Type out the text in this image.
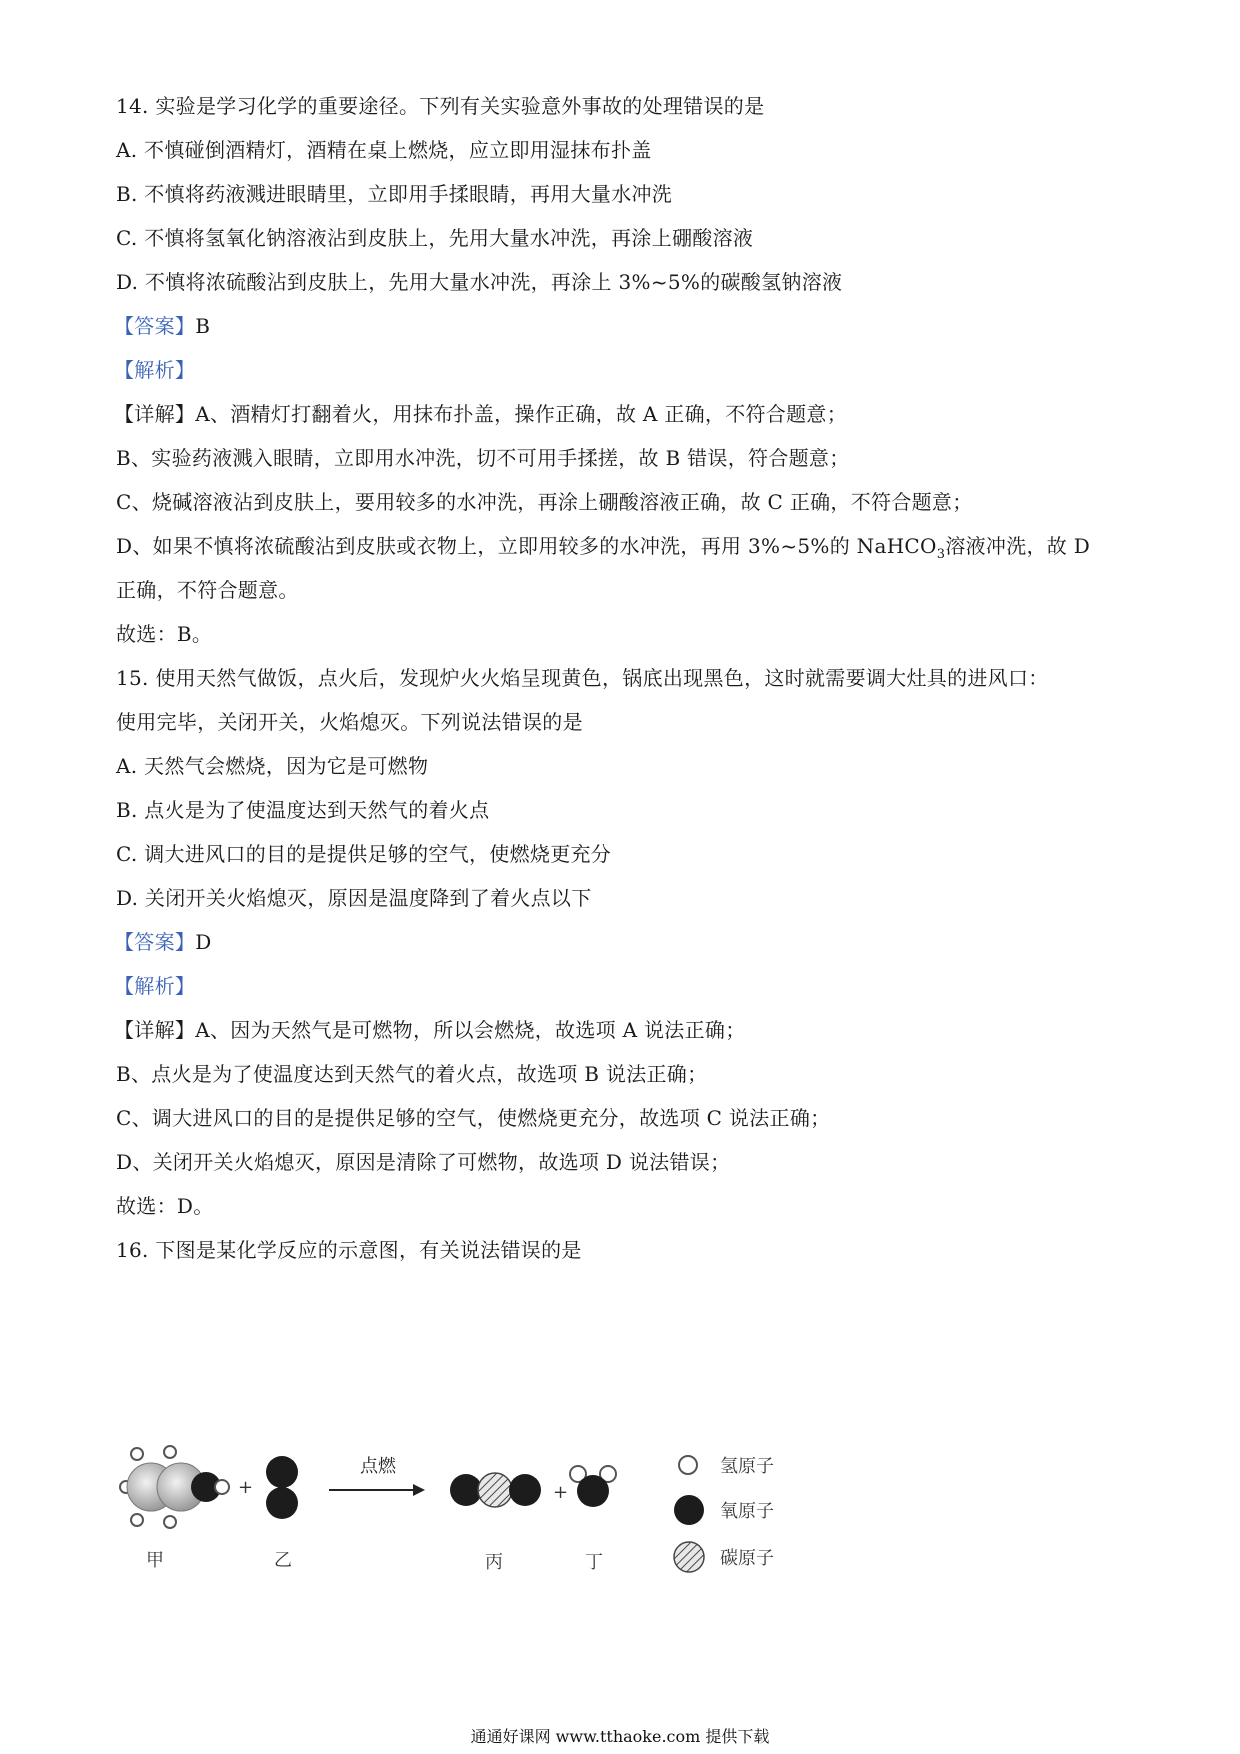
14. 实验是学习化学的重要途径。下列有关实验意外事故的处理错误的是
A. 不慎碰倒酒精灯，酒精在桌上燃烧，应立即用湿抹布扑盖
B. 不慎将药液溅进眼睛里，立即用手揉眼睛，再用大量水冲洗
C. 不慎将氢氧化钠溶液沾到皮肤上，先用大量水冲洗，再涂上硼酸溶液
D. 不慎将浓硫酸沾到皮肤上，先用大量水冲洗，再涂上 3%~5%的碳酸氢钠溶液
【答案】B
【解析】
【详解】A、酒精灯打翻着火，用抹布扑盖，操作正确，故 A 正确，不符合题意；
B、实验药液溅入眼睛，立即用水冲洗，切不可用手揉搓，故 B 错误，符合题意；
C、烧碱溶液沾到皮肤上，要用较多的水冲洗，再涂上硼酸溶液正确，故 C 正确，不符合题意；
D、如果不慎将浓硫酸沾到皮肤或衣物上，立即用较多的水冲洗，再用 3%~5%的 NaHCO$_3$溶液冲洗，故 D
正确，不符合题意。
故选：B。
15. 使用天然气做饭，点火后，发现炉火火焰呈现黄色，锅底出现黑色，这时就需要调大灶具的进风口：
使用完毕，关闭开关，火焰熄灭。下列说法错误的是
A. 天然气会燃烧，因为它是可燃物
B. 点火是为了使温度达到天然气的着火点
C. 调大进风口的目的是提供足够的空气，使燃烧更充分
D. 关闭开关火焰熄灭，原因是温度降到了着火点以下
【答案】D
【解析】
【详解】A、因为天然气是可燃物，所以会燃烧，故选项 A 说法正确；
B、点火是为了使温度达到天然气的着火点，故选项 B 说法正确；
C、调大进风口的目的是提供足够的空气，使燃烧更充分，故选项 C 说法正确；
D、关闭开关火焰熄灭，原因是清除了可燃物，故选项 D 说法错误；
故选：D。
16. 下图是某化学反应的示意图，有关说法错误的是
+
点燃
+
甲	乙	丙	丁
氢原子
氧原子
碳原子
通通好课网 www.tthaoke.com 提供下载
